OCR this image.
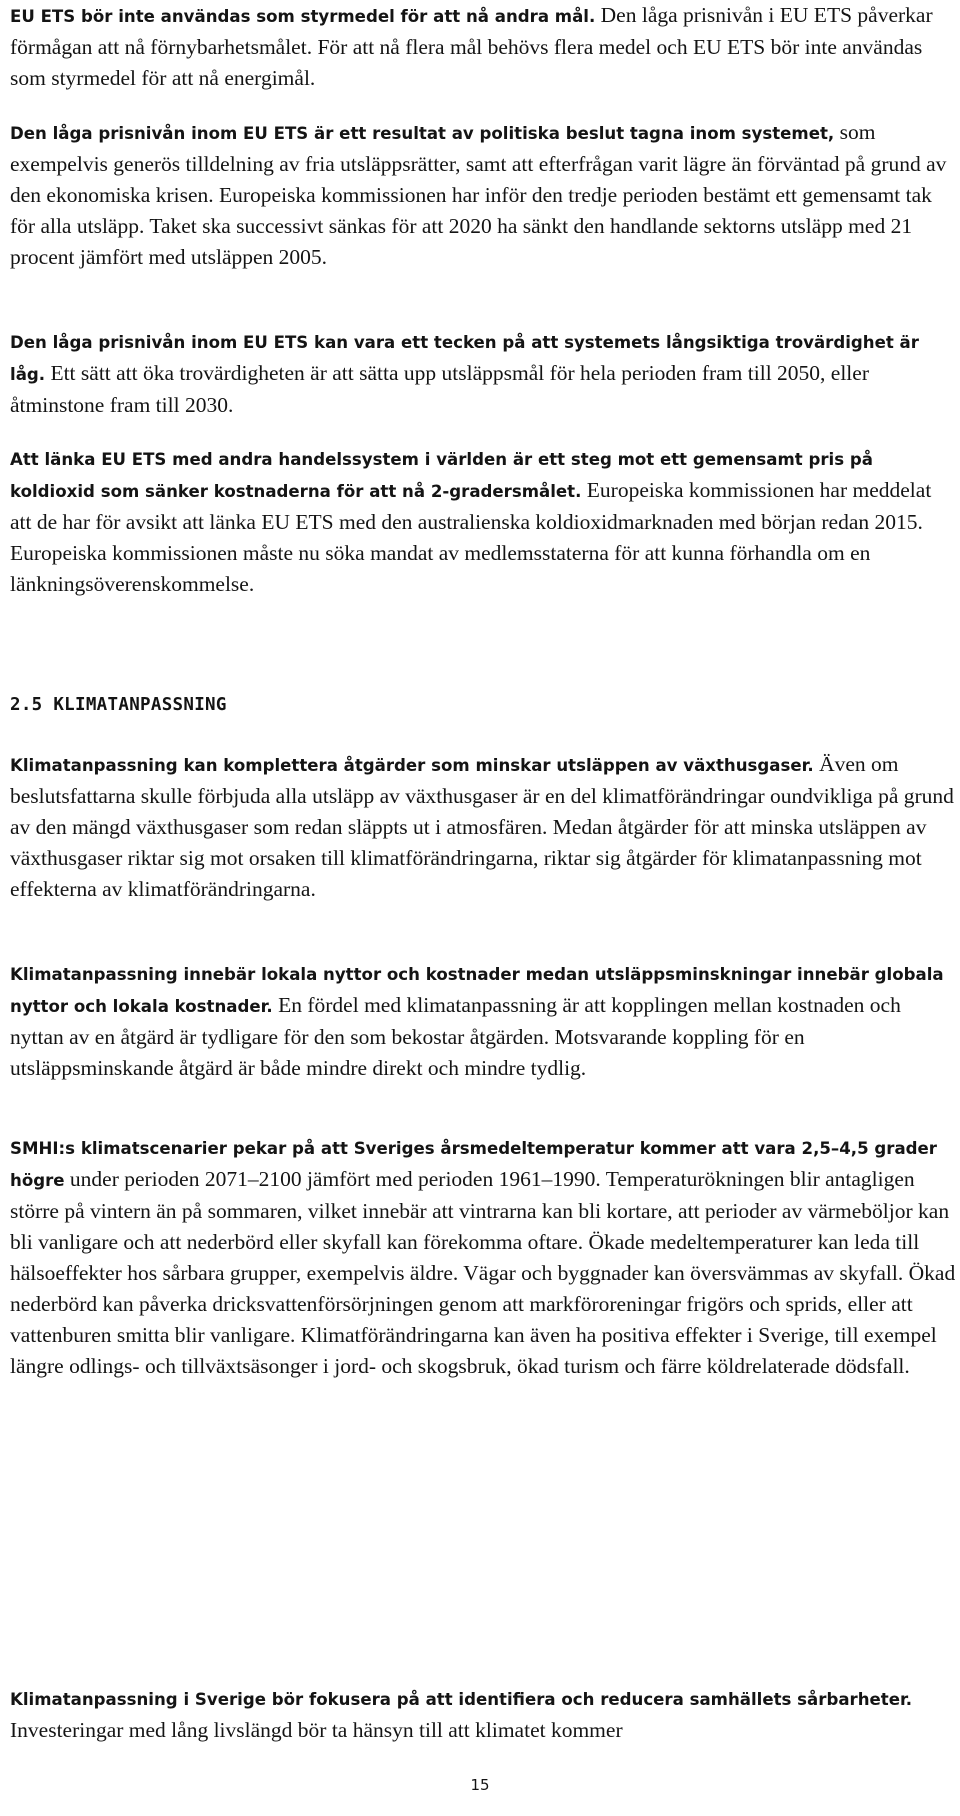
EU ETS bör inte användas som styrmedel för att nå andra mål. Den låga prisnivån i EU ETS påverkar förmågan att nå förnybarhetsmålet. För att nå flera mål behövs flera medel och EU ETS bör inte användas som styrmedel för att nå energimål.

Den låga prisnivån inom EU ETS är ett resultat av politiska beslut tagna inom systemet, som exempelvis generös tilldelning av fria utsläppsrätter, samt att efterfrågan varit lägre än förväntad på grund av den ekonomiska krisen. Europeiska kommissionen har inför den tredje perioden bestämt ett gemensamt tak för alla utsläpp. Taket ska successivt sänkas för att 2020 ha sänkt den handlande sektorns utsläpp med 21 procent jämfört med utsläppen 2005.

Den låga prisnivån inom EU ETS kan vara ett tecken på att systemets långsiktiga trovärdighet är låg. Ett sätt att öka trovärdigheten är att sätta upp utsläppsmål för hela perioden fram till 2050, eller åtminstone fram till 2030.

Att länka EU ETS med andra handelssystem i världen är ett steg mot ett gemensamt pris på koldioxid som sänker kostnaderna för att nå 2-gradersmålet. Europeiska kommissionen har meddelat att de har för avsikt att länka EU ETS med den australienska koldioxidmarknaden med början redan 2015. Europeiska kommissionen måste nu söka mandat av medlemsstaterna för att kunna förhandla om en länkningsöverenskommelse.

2.5 KLIMATANPASSNING

Klimatanpassning kan komplettera åtgärder som minskar utsläppen av växthusgaser. Även om beslutsfattarna skulle förbjuda alla utsläpp av växthusgaser är en del klimatförändringar oundvikliga på grund av den mängd växthusgaser som redan släppts ut i atmosfären. Medan åtgärder för att minska utsläppen av växthusgaser riktar sig mot orsaken till klimatförändringarna, riktar sig åtgärder för klimatanpassning mot effekterna av klimatförändringarna.

Klimatanpassning innebär lokala nyttor och kostnader medan utsläppsminskningar innebär globala nyttor och lokala kostnader. En fördel med klimatanpassning är att kopplingen mellan kostnaden och nyttan av en åtgärd är tydligare för den som bekostar åtgärden. Motsvarande koppling för en utsläppsminskande åtgärd är både mindre direkt och mindre tydlig.

SMHI:s klimatscenarier pekar på att Sveriges årsmedeltemperatur kommer att vara 2,5–4,5 grader högre under perioden 2071–2100 jämfört med perioden 1961–1990. Temperaturökningen blir antagligen större på vintern än på sommaren, vilket innebär att vintrarna kan bli kortare, att perioder av värmeböljor kan bli vanligare och att nederbörd eller skyfall kan förekomma oftare. Ökade medeltemperaturer kan leda till hälsoeffekter hos sårbara grupper, exempelvis äldre. Vägar och byggnader kan översvämmas av skyfall. Ökad nederbörd kan påverka dricksvattenförsörjningen genom att markföroreningar frigörs och sprids, eller att vattenburen smitta blir vanligare. Klimatförändringarna kan även ha positiva effekter i Sverige, till exempel längre odlings- och tillväxtsäsonger i jord- och skogsbruk, ökad turism och färre köldrelaterade dödsfall.

Klimatanpassning i Sverige bör fokusera på att identifiera och reducera samhällets sårbarheter. Investeringar med lång livslängd bör ta hänsyn till att klimatet kommer

15
